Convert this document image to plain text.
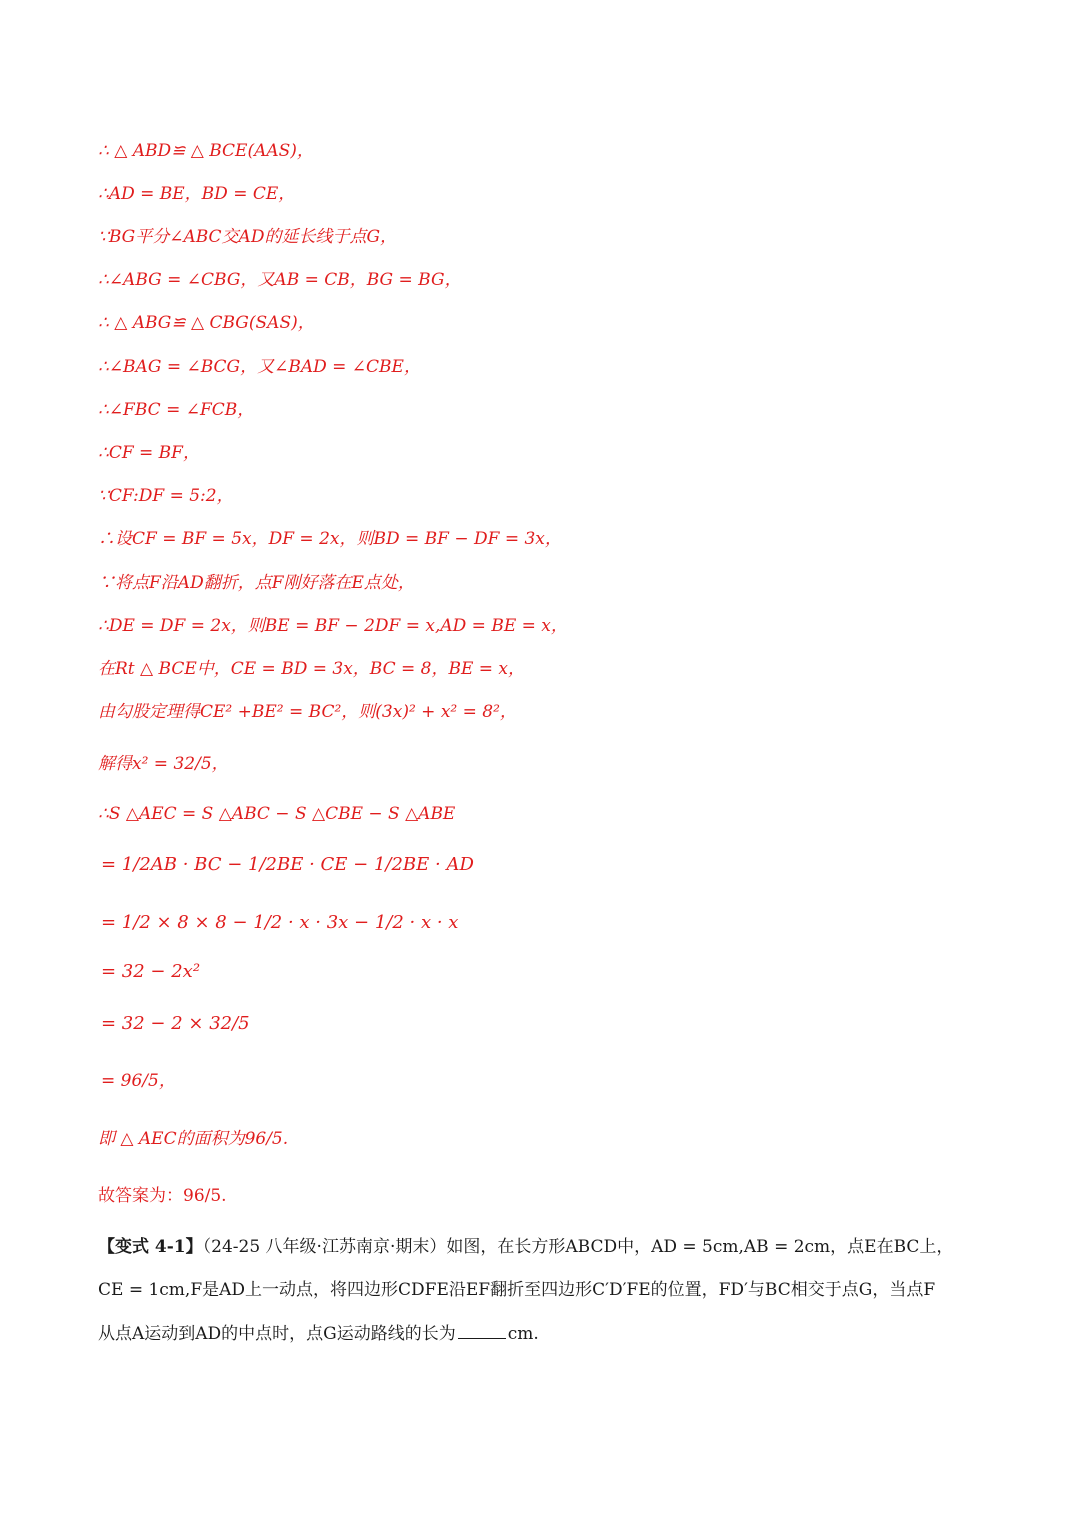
∴ △ ABD≌ △ BCE(AAS)，
∴AD = BE，BD = CE，
∵BG平分∠ABC交AD的延长线于点G，
∴∠ABG = ∠CBG，又AB = CB，BG = BG，
∴ △ ABG≌ △ CBG(SAS)，
∴∠BAG = ∠BCG，又∠BAD = ∠CBE，
∴∠FBC = ∠FCB，
∴CF = BF，
∵CF:DF = 5:2，
∴设CF = BF = 5x，DF = 2x，则BD = BF − DF = 3x，
∵将点F沿AD翻折，点F刚好落在E点处，
∴DE = DF = 2x，则BE = BF − 2DF = x,AD = BE = x，
在Rt △ BCE中，CE = BD = 3x，BC = 8，BE = x，
由勾股定理得CE² +BE² = BC²，则(3x)² + x² = 8²，
解得x² = 32/5，
∴S △AEC = S △ABC − S △CBE − S △ABE
= 1/2AB · BC − 1/2BE · CE − 1/2BE · AD
= 1/2 × 8 × 8 − 1/2 · x · 3x − 1/2 · x · x
= 32 − 2x²
= 32 − 2 × 32/5
= 96/5，
即 △ AEC的面积为96/5.
故答案为：96/5.
【变式 4-1】（24-25 八年级·江苏南京·期末）如图，在长方形ABCD中，AD = 5cm,AB = 2cm，点E在BC上，
CE = 1cm,F是AD上一动点，将四边形CDFE沿EF翻折至四边形C′D′FE的位置，FD′与BC相交于点G，当点F
从点A运动到AD的中点时，点G运动路线的长为	cm.
